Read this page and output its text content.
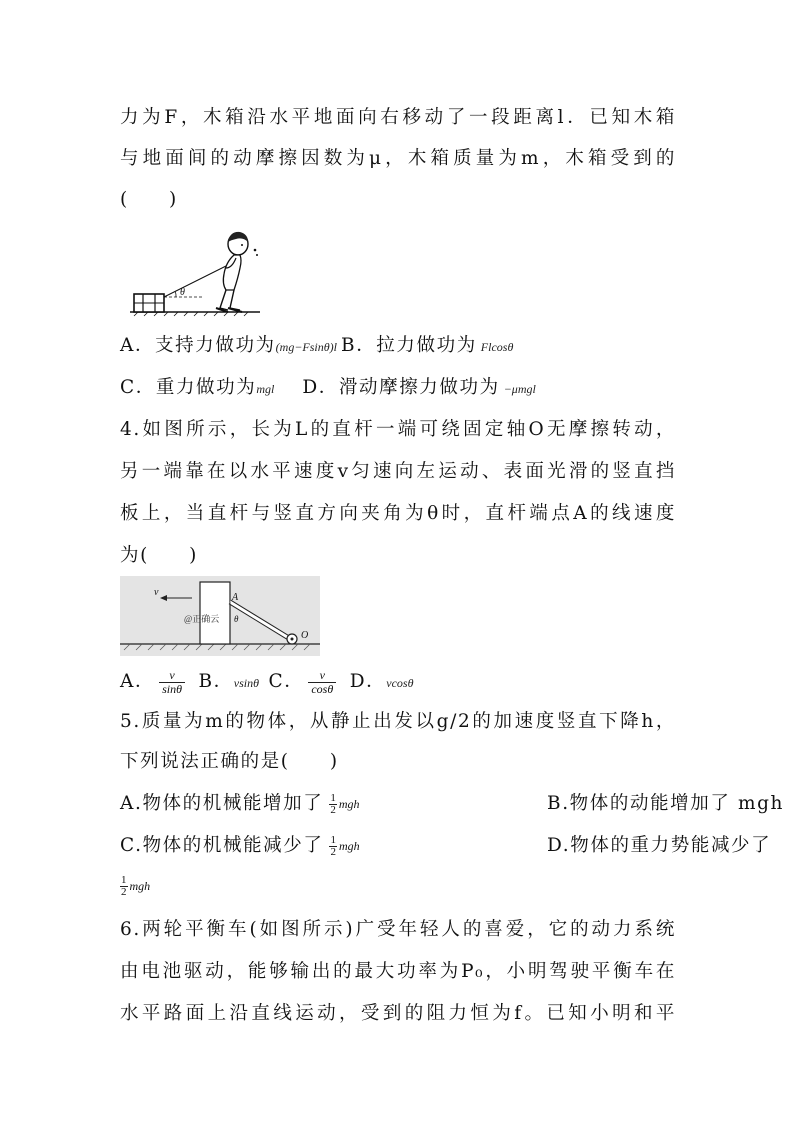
力为F，木箱沿水平地面向右移动了一段距离l．已知木箱
与地面间的动摩擦因数为μ，木箱质量为m，木箱受到的
(　　)
θ
A．支持力做功为(mg−Fsinθ)l B．拉力做功为 Flcosθ
C．重力做功为mgl D．滑动摩擦力做功为 −μmgl
4.如图所示，长为L的直杆一端可绕固定轴O无摩擦转动，
另一端靠在以水平速度v匀速向左运动、表面光滑的竖直挡
板上，当直杆与竖直方向夹角为θ时，直杆端点A的线速度
为(　　)
v	A
θ
O
@正确云
A． $\frac{v}{\sin\theta}$ B．vsinθ C． $\frac{v}{\cos\theta}$ D．vcosθ
5.质量为m的物体，从静止出发以g/2的加速度竖直下降h，
下列说法正确的是(　　)
A.物体的机械能增加了 $\frac{1}{2}$ mgh	B.物体的动能增加了 mgh
C.物体的机械能减少了 $\frac{1}{2}$ mgh	D.物体的重力势能减少了
$\frac{1}{2}$ mgh
6.两轮平衡车(如图所示)广受年轻人的喜爱，它的动力系统
由电池驱动，能够输出的最大功率为P₀，小明驾驶平衡车在
水平路面上沿直线运动，受到的阻力恒为f。已知小明和平
